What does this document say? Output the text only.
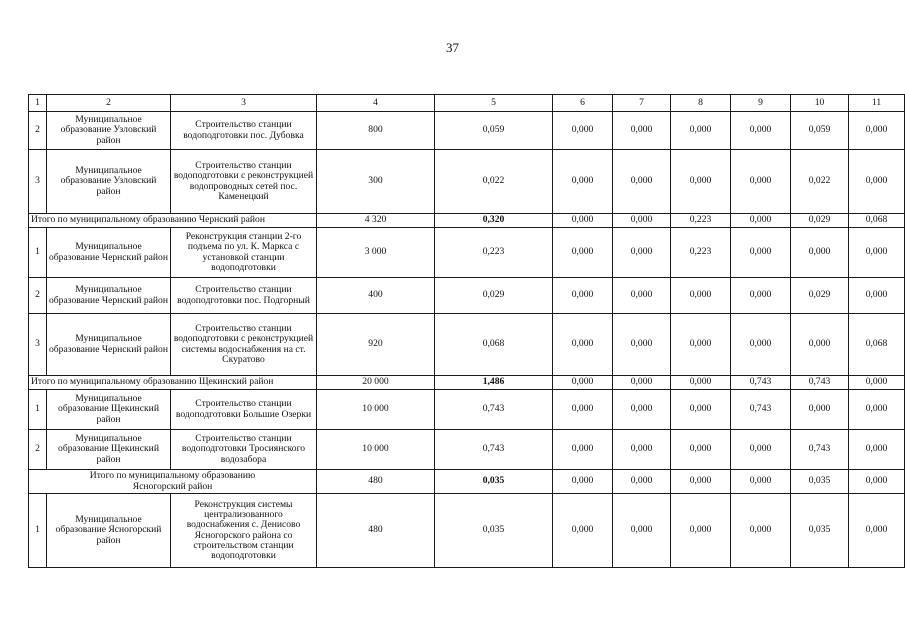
37
1	2	3	4	5	6	7	8	9	10	11
2	Муниципальное образование Узловский район	Строительство станции водоподготовки пос. Дубовка	800	0,059	0,000	0,000	0,000	0,000	0,059	0,000
3	Муниципальное образование Узловский район	Строительство станции водоподготовки с реконструкцией водопроводных сетей пос. Каменецкий	300	0,022	0,000	0,000	0,000	0,000	0,022	0,000
Итого по муниципальному образованию Чернский район			4 320	0,320	0,000	0,000	0,223	0,000	0,029	0,068
1	Муниципальное образование Чернский район	Реконструкция станции 2-го подъема по ул. К. Маркса с установкой станции водоподготовки	3 000	0,223	0,000	0,000	0,223	0,000	0,000	0,000
2	Муниципальное образование Чернский район	Строительство станции водоподготовки пос. Подгорный	400	0,029	0,000	0,000	0,000	0,000	0,029	0,000
3	Муниципальное образование Чернский район	Строительство станции водоподготовки с реконструкцией системы водоснабжения на ст. Скуратово	920	0,068	0,000	0,000	0,000	0,000	0,000	0,068
Итого по муниципальному образованию Щекинский район			20 000	1,486	0,000	0,000	0,000	0,743	0,743	0,000
1	Муниципальное образование Щекинский район	Строительство станции водоподготовки Большие Озерки	10 000	0,743	0,000	0,000	0,000	0,743	0,000	0,000
2	Муниципальное образование Щекинский район	Строительство станции водоподготовки Тросиянского водозабора	10 000	0,743	0,000	0,000	0,000	0,000	0,743	0,000
Итого по муниципальному образованию Ясногорский район			480	0,035	0,000	0,000	0,000	0,000	0,035	0,000
1	Муниципальное образование Ясногорский район	Реконструкция системы централизованного водоснабжения с. Денисово Ясногорского района со строительством станции водоподготовки	480	0,035	0,000	0,000	0,000	0,000	0,035	0,000
